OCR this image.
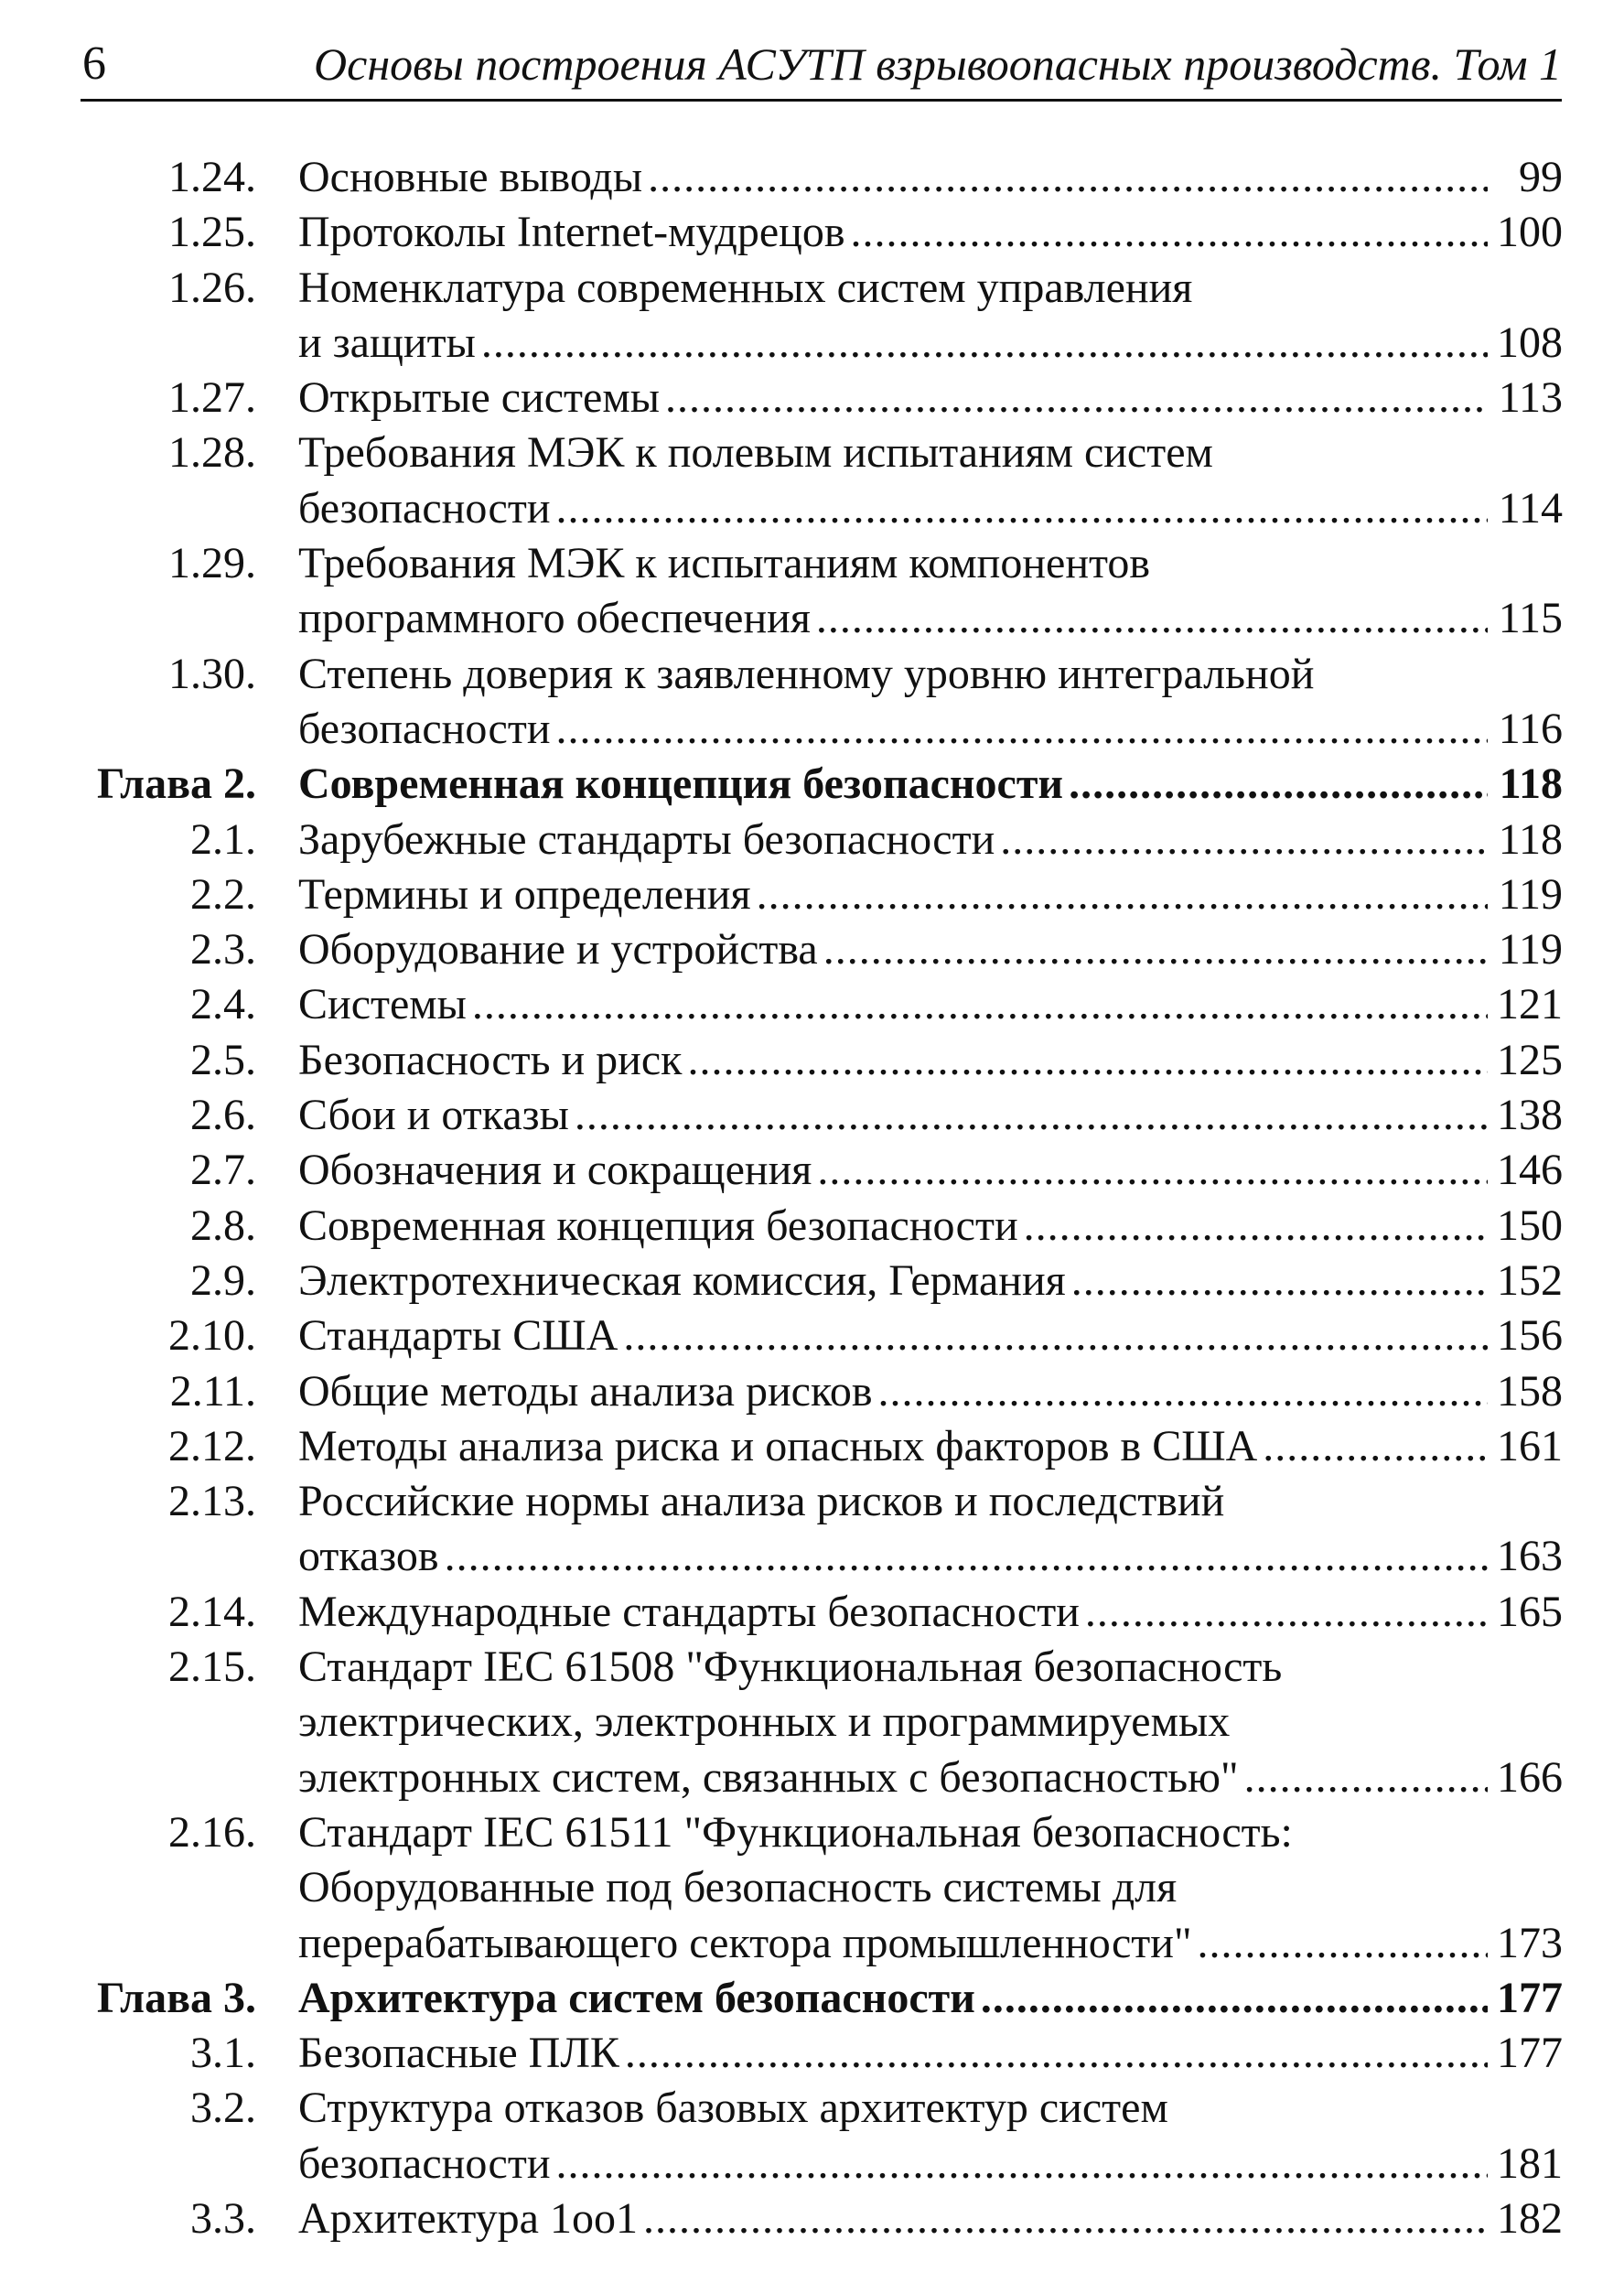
6	Основы построения АСУТП взрывоопасных производств. Том 1
1.24. Основные выводы .....	99
1.25. Протоколы Internet-мудрецов .....	100
1.26. Номенклатура современных систем управления
и защиты .....	108
1.27. Открытые системы .....	113
1.28. Требования МЭК к полевым испытаниям систем
безопасности .....	114
1.29. Требования МЭК к испытаниям компонентов
программного обеспечения .....	115
1.30. Степень доверия к заявленному уровню интегральной
безопасности .....	116
Глава 2. Современная концепция безопасности .....	118
2.1. Зарубежные стандарты безопасности .....	118
2.2. Термины и определения .....	119
2.3. Оборудование и устройства .....	119
2.4. Системы .....	121
2.5. Безопасность и риск .....	125
2.6. Сбои и отказы .....	138
2.7. Обозначения и сокращения .....	146
2.8. Современная концепция безопасности .....	150
2.9. Электротехническая комиссия, Германия .....	152
2.10. Стандарты США .....	156
2.11. Общие методы анализа рисков .....	158
2.12. Методы анализа риска и опасных факторов в США .....	161
2.13. Российские нормы анализа рисков и последствий
отказов .....	163
2.14. Международные стандарты безопасности .....	165
2.15. Стандарт IEC 61508 "Функциональная безопасность
электрических, электронных и программируемых
электронных систем, связанных с безопасностью" .....	166
2.16. Стандарт IEC 61511 "Функциональная безопасность:
Оборудованные под безопасность системы для
перерабатывающего сектора промышленности" .....	173
Глава 3. Архитектура систем безопасности .....	177
3.1. Безопасные ПЛК .....	177
3.2. Структура отказов базовых архитектур систем
безопасности .....	181
3.3. Архитектура 1oo1 .....	182
